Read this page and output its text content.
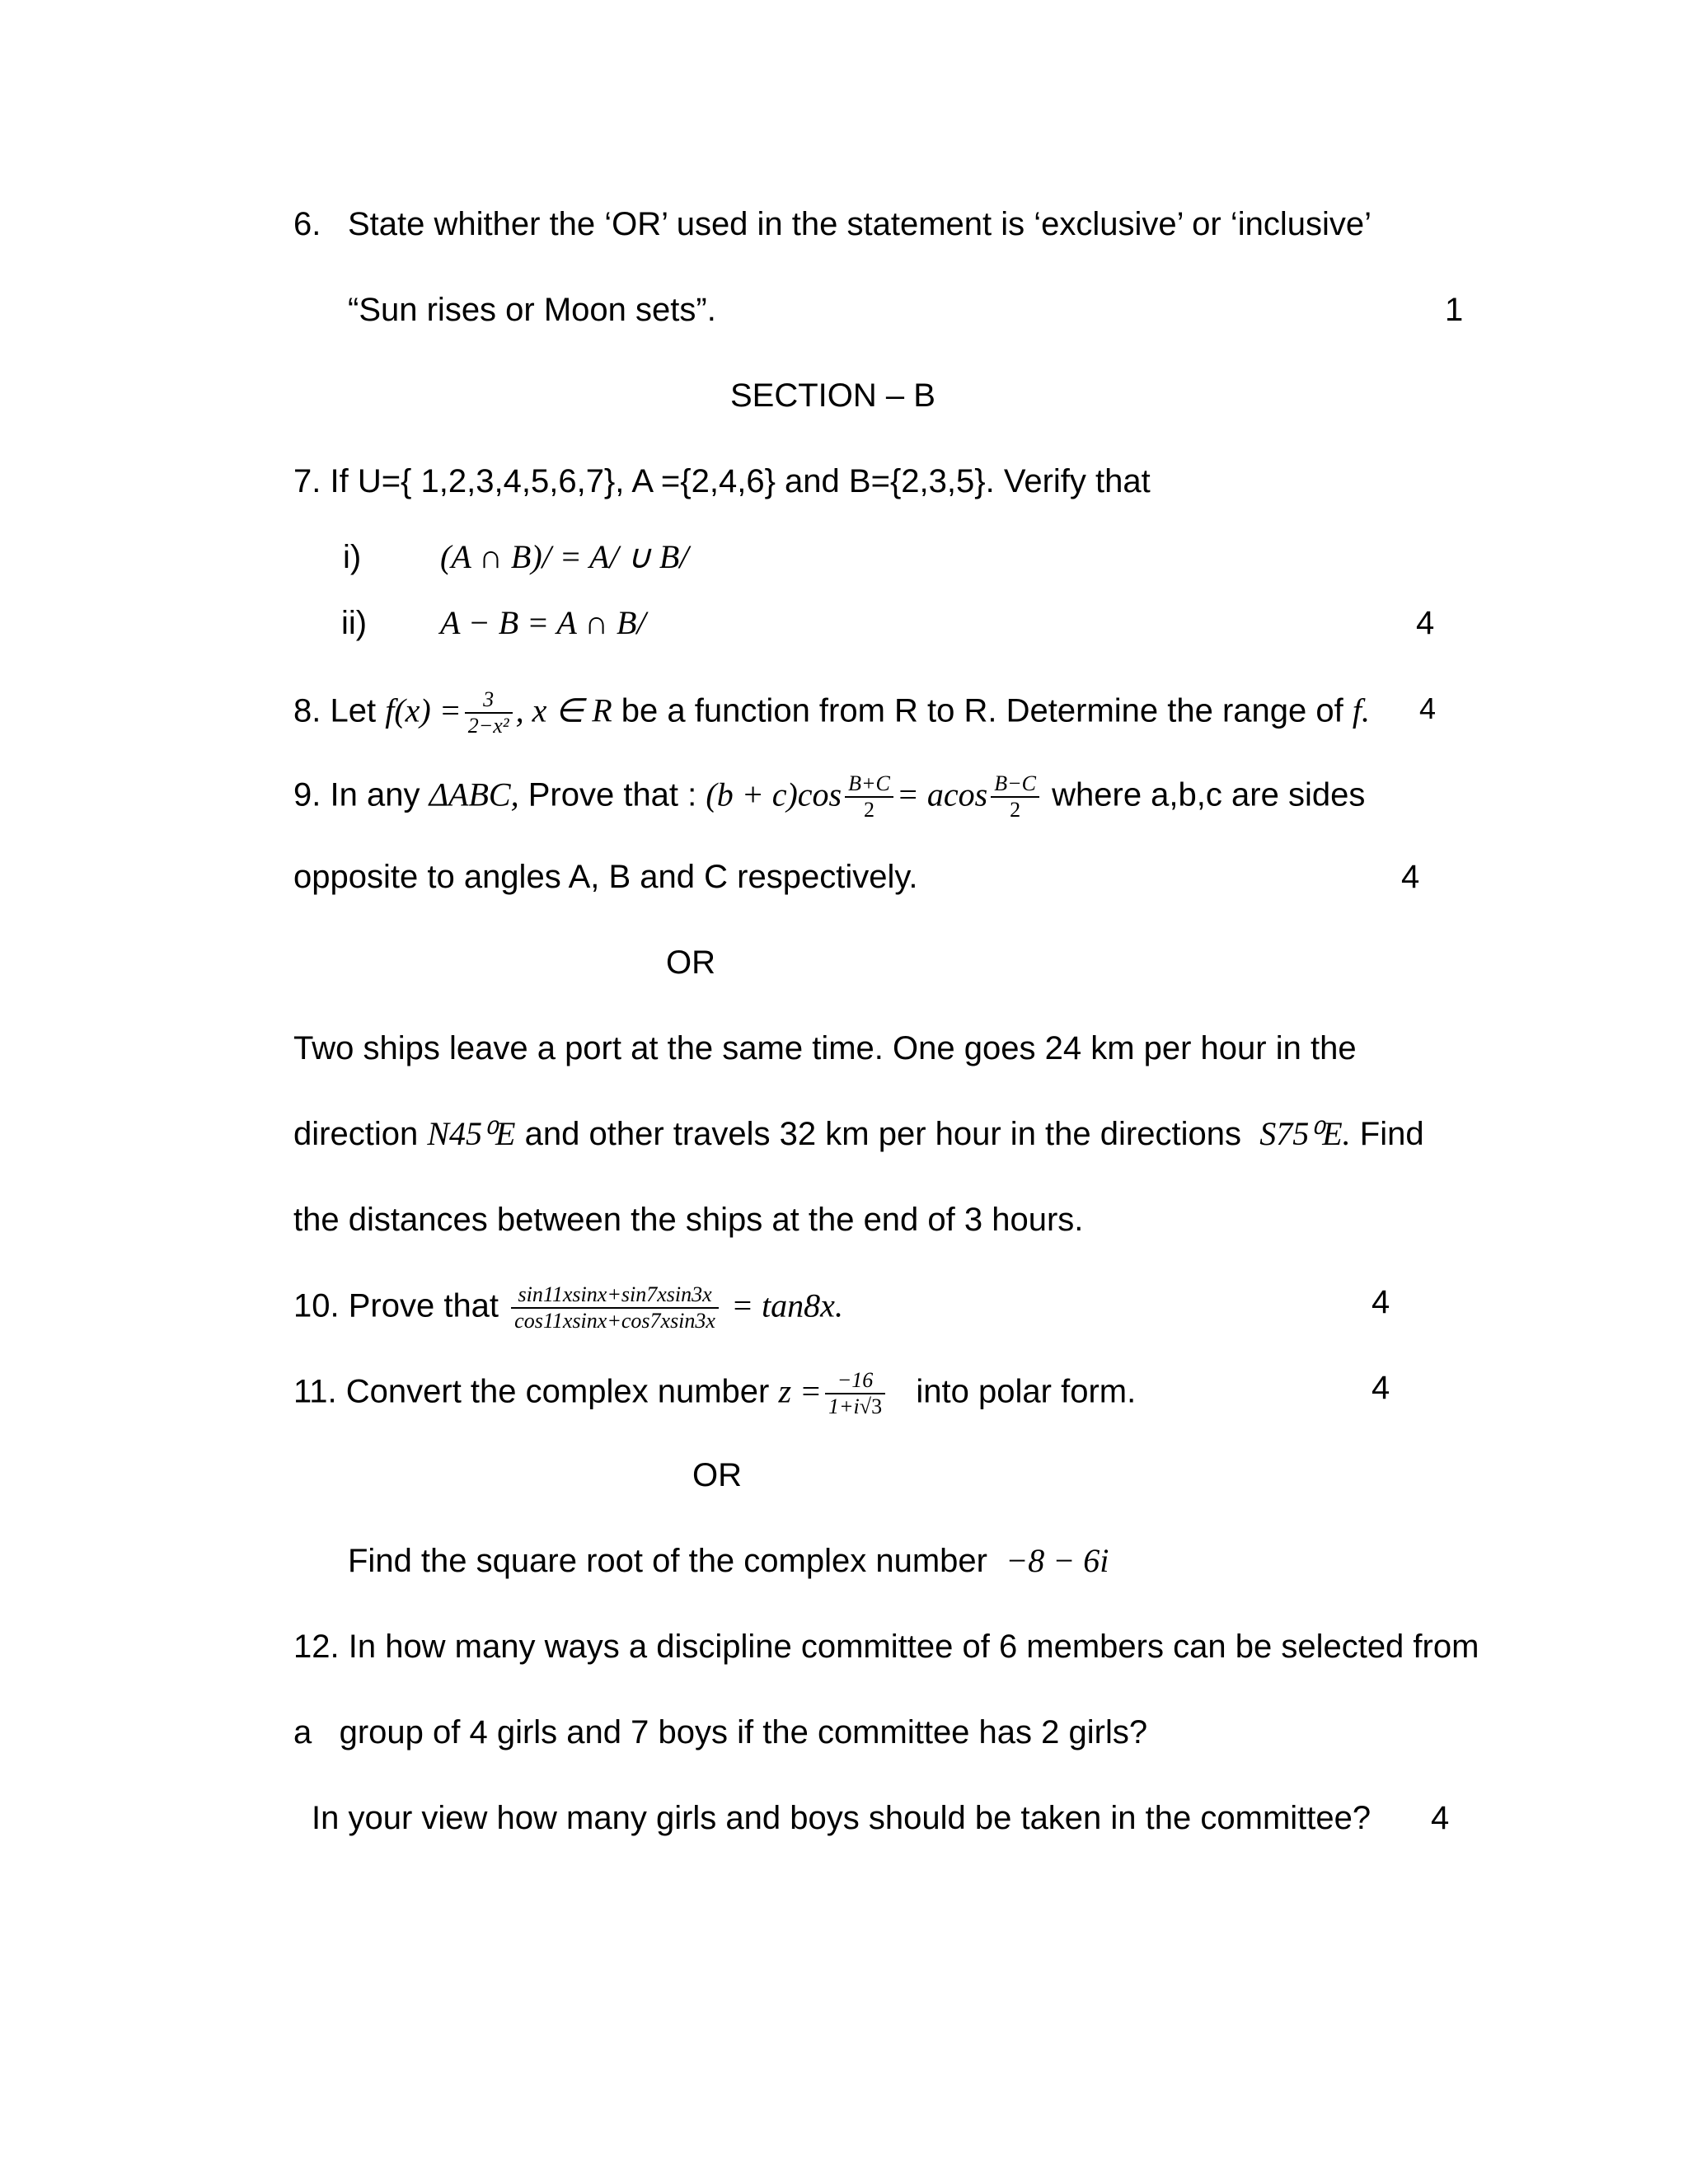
6. State whither the ‘OR’ used in the statement is ‘exclusive’ or ‘inclusive’
“Sun rises or Moon sets”.	1
SECTION – B
7. If U={ 1,2,3,4,5,6,7}, A ={2,4,6} and B={2,3,5}. Verify that
i) (A ∩ B)/ = A/ ∪ B/
ii) A − B = A ∩ B/	4
8. Let $f(x) = \frac{3}{\text{2−x²}}$ , x ∈ R be a function from R to R. Determine the range of f. 4
9. In any ΔABC, Prove that : $(b + c)\cos \frac{B+C}{2} = acos \frac{B-C}{2}$ where a,b,c are sides
opposite to angles A, B and C respectively.	4
OR
Two ships leave a port at the same time. One goes 24 km per hour in the
direction N45⁰E and other travels 32 km per hour in the directions S75⁰E. Find
the distances between the ships at the end of 3 hours.
10. Prove that $\frac{\sin 11xsinx+\sin 7xsin3x}{\cos 11xsinx+\cos 7xsin3x} = \tan 8x$.	4
11. Convert the complex number $z = \frac{-16}{1+i√3}$ into polar form.	4
OR
Find the square root of the complex number −8 − 6i
12. In how many ways a discipline committee of 6 members can be selected from
a   group of 4 girls and 7 boys if the committee has 2 girls?
In your view how many girls and boys should be taken in the committee? 4
